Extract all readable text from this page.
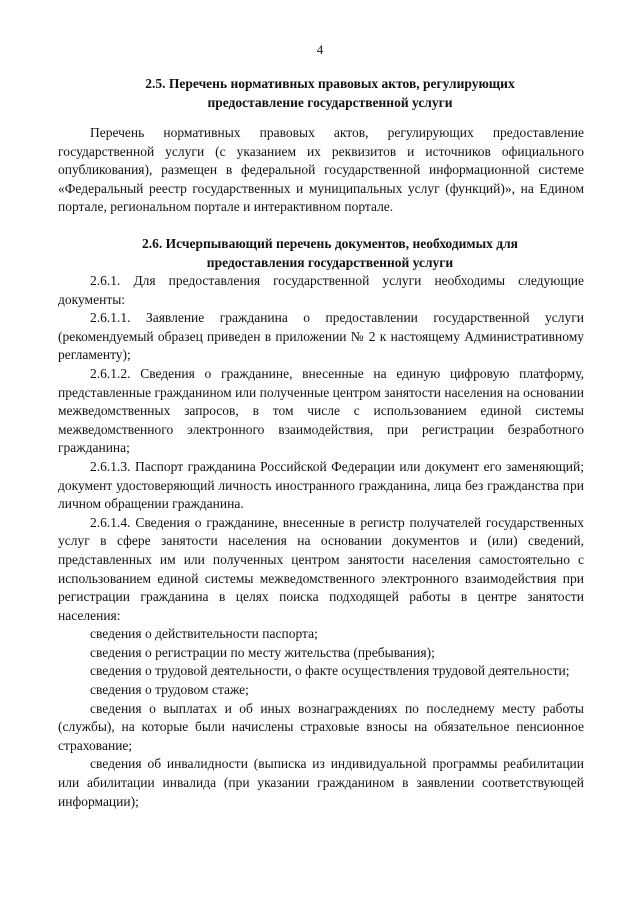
4
2.5. Перечень нормативных правовых актов, регулирующих
предоставление государственной услуги

Перечень нормативных правовых актов, регулирующих предоставление государственной услуги (с указанием их реквизитов и источников официального опубликования), размещен в федеральной государственной информационной системе «Федеральный реестр государственных и муниципальных услуг (функций)», на Едином портале, региональном портале и интерактивном портале.

2.6. Исчерпывающий перечень документов, необходимых для
предоставления государственной услуги

2.6.1. Для предоставления государственной услуги необходимы следующие документы:

2.6.1.1. Заявление гражданина о предоставлении государственной услуги (рекомендуемый образец приведен в приложении № 2 к настоящему Административному регламенту);

2.6.1.2. Сведения о гражданине, внесенные на единую цифровую платформу, представленные гражданином или полученные центром занятости населения на основании межведомственных запросов, в том числе с использованием единой системы межведомственного электронного взаимодействия, при регистрации безработного гражданина;

2.6.1.3. Паспорт гражданина Российской Федерации или документ его заменяющий; документ удостоверяющий личность иностранного гражданина, лица без гражданства при личном обращении гражданина.

2.6.1.4. Сведения о гражданине, внесенные в регистр получателей государственных услуг в сфере занятости населения на основании документов и (или) сведений, представленных им или полученных центром занятости населения самостоятельно с использованием единой системы межведомственного электронного взаимодействия при регистрации гражданина в целях поиска подходящей работы в центре занятости населения:

сведения о действительности паспорта;

сведения о регистрации по месту жительства (пребывания);

сведения о трудовой деятельности, о факте осуществления трудовой деятельности;

сведения о трудовом стаже;

сведения о выплатах и об иных вознаграждениях по последнему месту работы (службы), на которые были начислены страховые взносы на обязательное пенсионное страхование;

сведения об инвалидности (выписка из индивидуальной программы реабилитации или абилитации инвалида (при указании гражданином в заявлении соответствующей информации);
